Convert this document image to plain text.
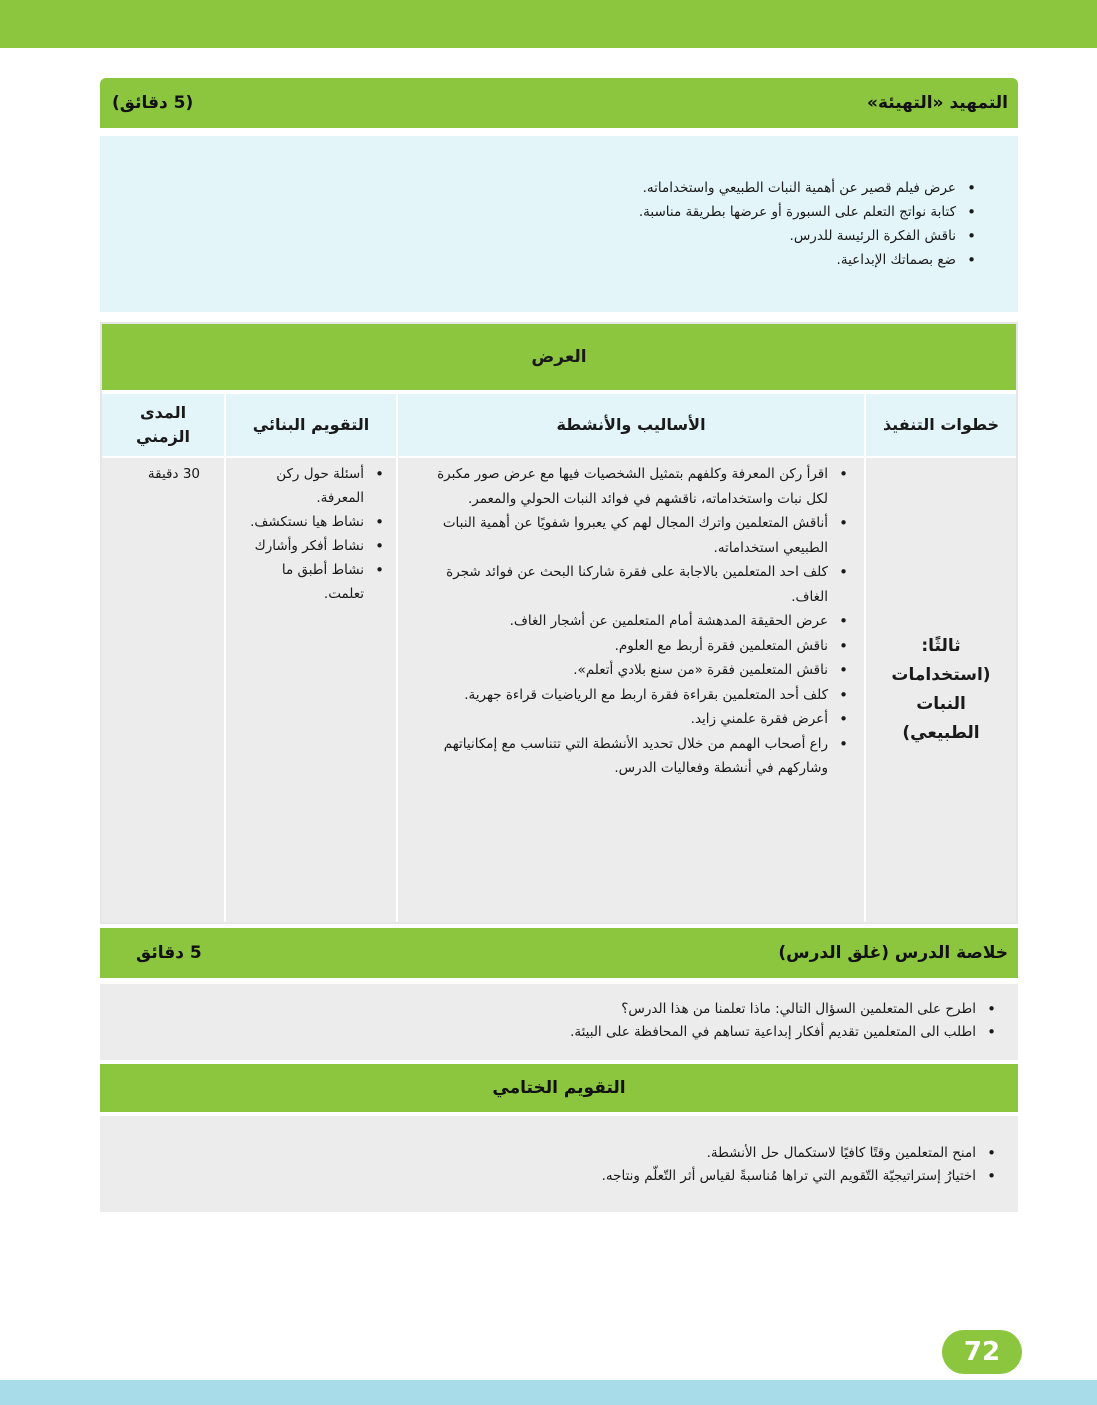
التمهيد «التهيئة»
(5 دقائق)
• عرض فيلم قصير عن أهمية النبات الطبيعي واستخداماته.
• كتابة نواتج التعلم على السبورة أو عرضها بطريقة مناسبة.
• ناقش الفكرة الرئيسة للدرس.
• ضع بصماتك الإبداعية.
العرض
خطوات التنفيذ
الأساليب والأنشطة
التقويم البنائي
المدى الزمني
ثالثًا: (استخدامات النبات الطبيعي)
• اقرأ ركن المعرفة وكلفهم بتمثيل الشخصيات فيها مع عرض صور مكبرة لكل نبات واستخداماته، ناقشهم في فوائد النبات الحولي والمعمر.
• أناقش المتعلمين واترك المجال لهم كي يعبروا شفويًا عن أهمية النبات الطبيعي استخداماته.
• كلف احد المتعلمين بالاجابة على فقرة شاركنا البحث عن فوائد شجرة الغاف.
• عرض الحقيقة المدهشة أمام المتعلمين عن أشجار الغاف.
• ناقش المتعلمين فقرة أربط مع العلوم.
• ناقش المتعلمين فقرة «من سنع بلادي أتعلم».
• كلف أحد المتعلمين بقراءة فقرة اربط مع الرياضيات قراءة جهرية.
• أعرض فقرة علمني زايد.
• راع أصحاب الهمم من خلال تحديد الأنشطة التي تتناسب مع إمكانياتهم وشاركهم في أنشطة وفعاليات الدرس.
• أسئلة حول ركن المعرفة.
• نشاط هيا نستكشف.
• نشاط أفكر وأشارك
• نشاط أطبق ما تعلمت.
30 دقيقة
خلاصة الدرس (غلق الدرس)
5 دقائق
• اطرح على المتعلمين السؤال التالي: ماذا تعلمنا من هذا الدرس؟
• اطلب الى المتعلمين تقديم أفكار إبداعية تساهم في المحافظة على البيئة.
التقويم الختامي
• امنح المتعلمين وقتًا كافيًا لاستكمال حل الأنشطة.
• اختيارُ إستراتيجيّة التّقويم التي تراها مُناسبةً لقياس أثر التّعلّم ونتاجه.
72
